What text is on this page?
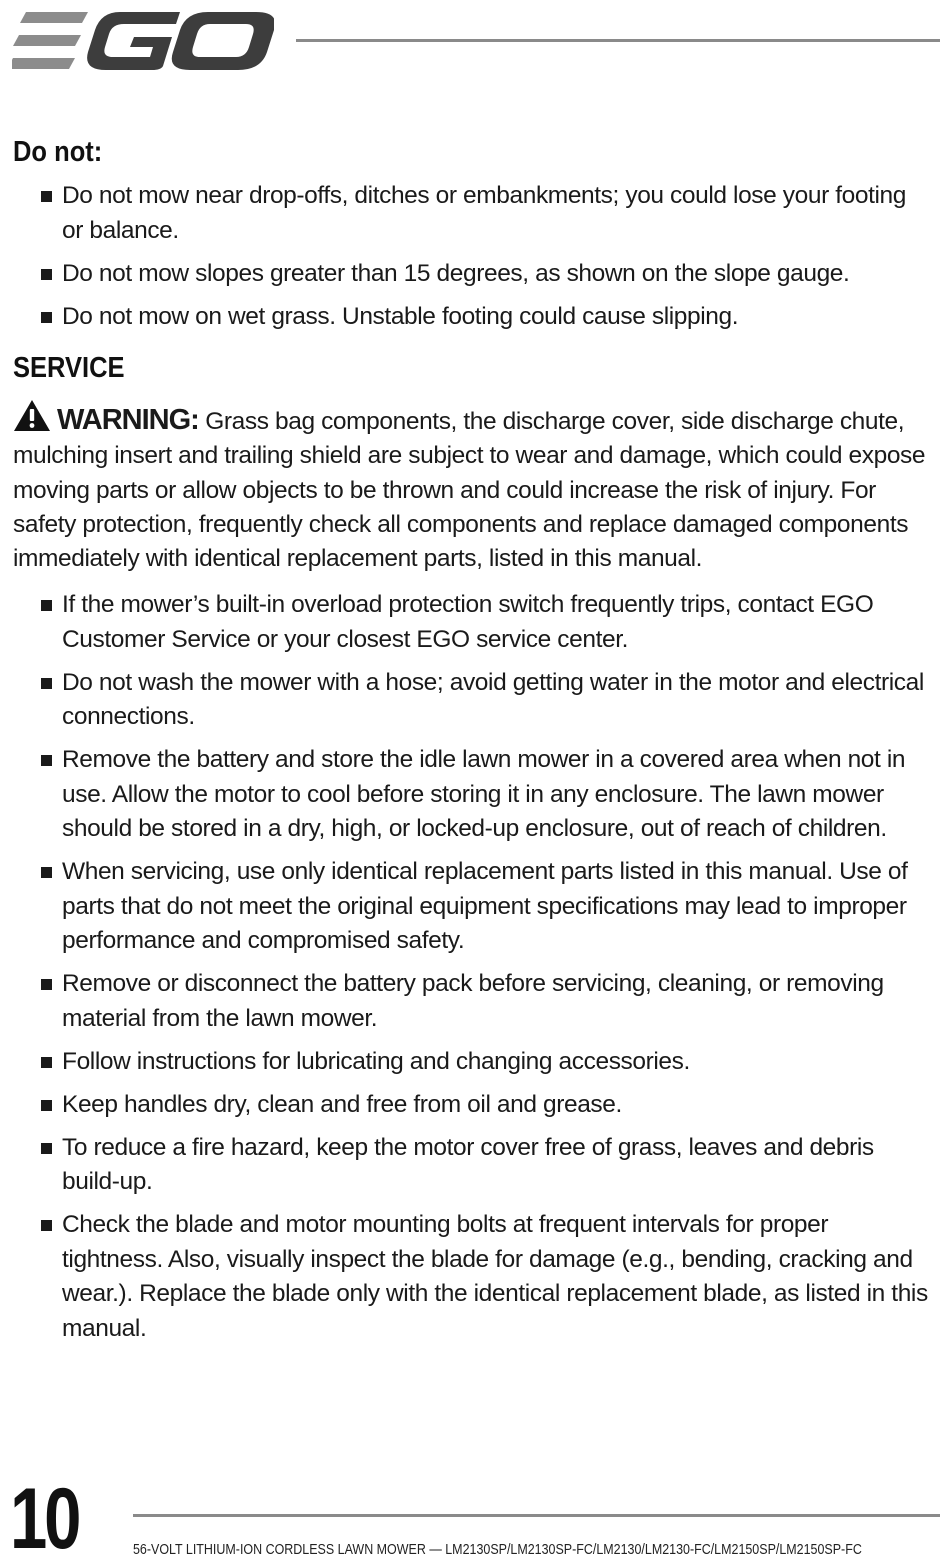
Do not:
Do not mow near drop-offs, ditches or embankments; you could lose your footing or balance.
Do not mow slopes greater than 15 degrees, as shown on the slope gauge.
Do not mow on wet grass. Unstable footing could cause slipping.
SERVICE

WARNING: Grass bag components, the discharge cover, side discharge chute, mulching insert and trailing shield are subject to wear and damage, which could expose moving parts or allow objects to be thrown and could increase the risk of injury. For safety protection, frequently check all components and replace damaged components immediately with identical replacement parts, listed in this manual.

If the mower’s built-in overload protection switch frequently trips, contact EGO Customer Service or your closest EGO service center.
Do not wash the mower with a hose; avoid getting water in the motor and electrical connections.
Remove the battery and store the idle lawn mower in a covered area when not in use. Allow the motor to cool before storing it in any enclosure. The lawn mower should be stored in a dry, high, or locked-up enclosure, out of reach of children.
When servicing, use only identical replacement parts listed in this manual. Use of parts that do not meet the original equipment specifications may lead to improper performance and compromised safety.
Remove or disconnect the battery pack before servicing, cleaning, or removing material from the lawn mower.
Follow instructions for lubricating and changing accessories.
Keep handles dry, clean and free from oil and grease.
To reduce a fire hazard, keep the motor cover free of grass, leaves and debris build-up.
Check the blade and motor mounting bolts at frequent intervals for proper tightness. Also, visually inspect the blade for damage (e.g., bending, cracking and wear.). Replace the blade only with the identical replacement blade, as listed in this manual.
10	56-VOLT LITHIUM-ION CORDLESS LAWN MOWER — LM2130SP/LM2130SP-FC/LM2130/LM2130-FC/LM2150SP/LM2150SP-FC
